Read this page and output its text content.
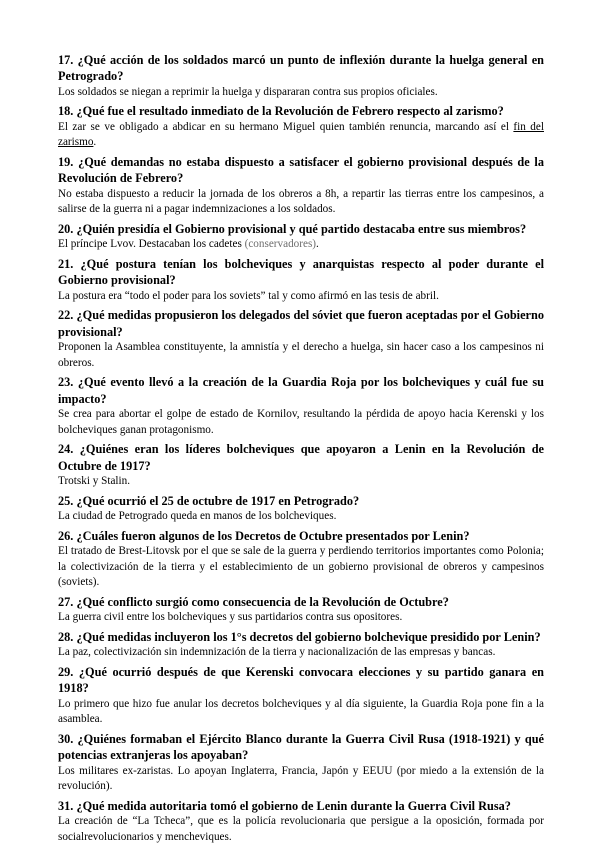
17. ¿Qué acción de los soldados marcó un punto de inflexión durante la huelga general en Petrogrado?

Los soldados se niegan a reprimir la huelga y dispararan contra sus propios oficiales.

18. ¿Qué fue el resultado inmediato de la Revolución de Febrero respecto al zarismo?

El zar se ve obligado a abdicar en su hermano Miguel quien también renuncia, marcando así el fin del zarismo.

19. ¿Qué demandas no estaba dispuesto a satisfacer el gobierno provisional después de la Revolución de Febrero?

No estaba dispuesto a reducir la jornada de los obreros a 8h, a repartir las tierras entre los campesinos, a salirse de la guerra ni a pagar indemnizaciones a los soldados.

20. ¿Quién presidía el Gobierno provisional y qué partido destacaba entre sus miembros?

El príncipe Lvov. Destacaban los cadetes (conservadores).

21. ¿Qué postura tenían los bolcheviques y anarquistas respecto al poder durante el Gobierno provisional?

La postura era “todo el poder para los soviets” tal y como afirmó en las tesis de abril.

22. ¿Qué medidas propusieron los delegados del sóviet que fueron aceptadas por el Gobierno provisional?

Proponen la Asamblea constituyente, la amnistía y el derecho a huelga, sin hacer caso a los campesinos ni obreros.

23. ¿Qué evento llevó a la creación de la Guardia Roja por los bolcheviques y cuál fue su impacto?

Se crea para abortar el golpe de estado de Kornilov, resultando la pérdida de apoyo hacia Kerenski y los bolcheviques ganan protagonismo.

24. ¿Quiénes eran los líderes bolcheviques que apoyaron a Lenin en la Revolución de Octubre de 1917?

Trotski y Stalin.

25. ¿Qué ocurrió el 25 de octubre de 1917 en Petrogrado?

La ciudad de Petrogrado queda en manos de los bolcheviques.

26. ¿Cuáles fueron algunos de los Decretos de Octubre presentados por Lenin?

El tratado de Brest-Litovsk por el que se sale de la guerra y perdiendo territorios importantes como Polonia; la colectivización de la tierra y el establecimiento de un gobierno provisional de obreros y campesinos (soviets).

27. ¿Qué conflicto surgió como consecuencia de la Revolución de Octubre?

La guerra civil entre los bolcheviques y sus partidarios contra sus opositores.

28. ¿Qué medidas incluyeron los 1°s decretos del gobierno bolchevique presidido por Lenin?

La paz, colectivización sin indemnización de la tierra y nacionalización de las empresas y bancas.

29. ¿Qué ocurrió después de que Kerenski convocara elecciones y su partido ganara en 1918?

Lo primero que hizo fue anular los decretos bolcheviques y al día siguiente, la Guardia Roja pone fin a la asamblea.

30. ¿Quiénes formaban el Ejército Blanco durante la Guerra Civil Rusa (1918-1921) y qué potencias extranjeras los apoyaban?

Los militares ex-zaristas. Lo apoyan Inglaterra, Francia, Japón y EEUU (por miedo a la extensión de la revolución).

31. ¿Qué medida autoritaria tomó el gobierno de Lenin durante la Guerra Civil Rusa?

La creación de “La Tcheca”, que es la policía revolucionaria que persigue a la oposición, formada por socialrevolucionarios y mencheviques.
